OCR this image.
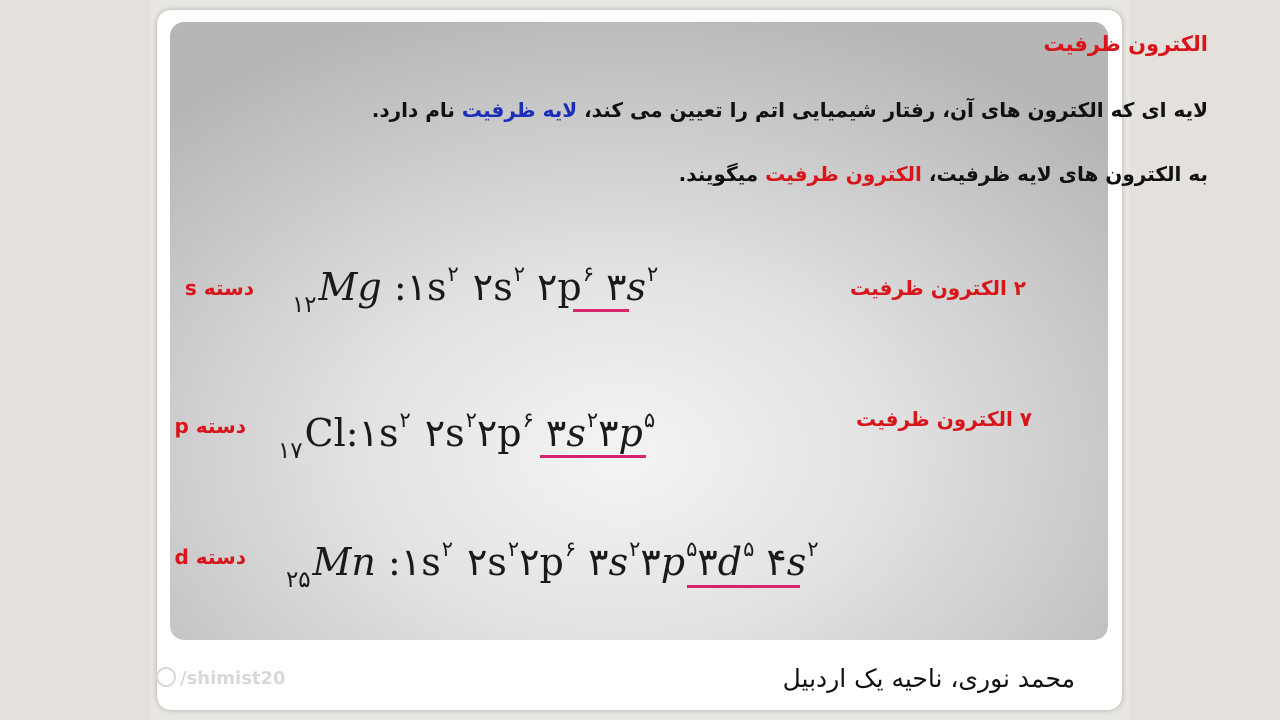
الکترون ظرفیت
لایه ای که الکترون های آن، رفتار شیمیایی اتم را تعیین می کند، لایه ظرفیت نام دارد.
به الکترون های لایه ظرفیت، الکترون ظرفیت میگویند.
دسته s
$_{۱۲}$Mg $:۱s^۲$ $۲s^۲$ $۲p^۶$ $۳s^۲$
۲ الکترون ظرفیت
دسته p
$_{۱۷}Cl:۱s^۲$ $۲s^۲۲p^۶$ $۳s^۲۳p^۵$	۷ الکترون ظرفیت
دسته d
$_{۲۵}$Mn $:۱s^۲$ $۲s^۲۲p^۶$ $۳s^۲۳p^۵۳d^۵$ $۴s^۲$
محمد نوری، ناحیه یک اردبیل
/shimist20
